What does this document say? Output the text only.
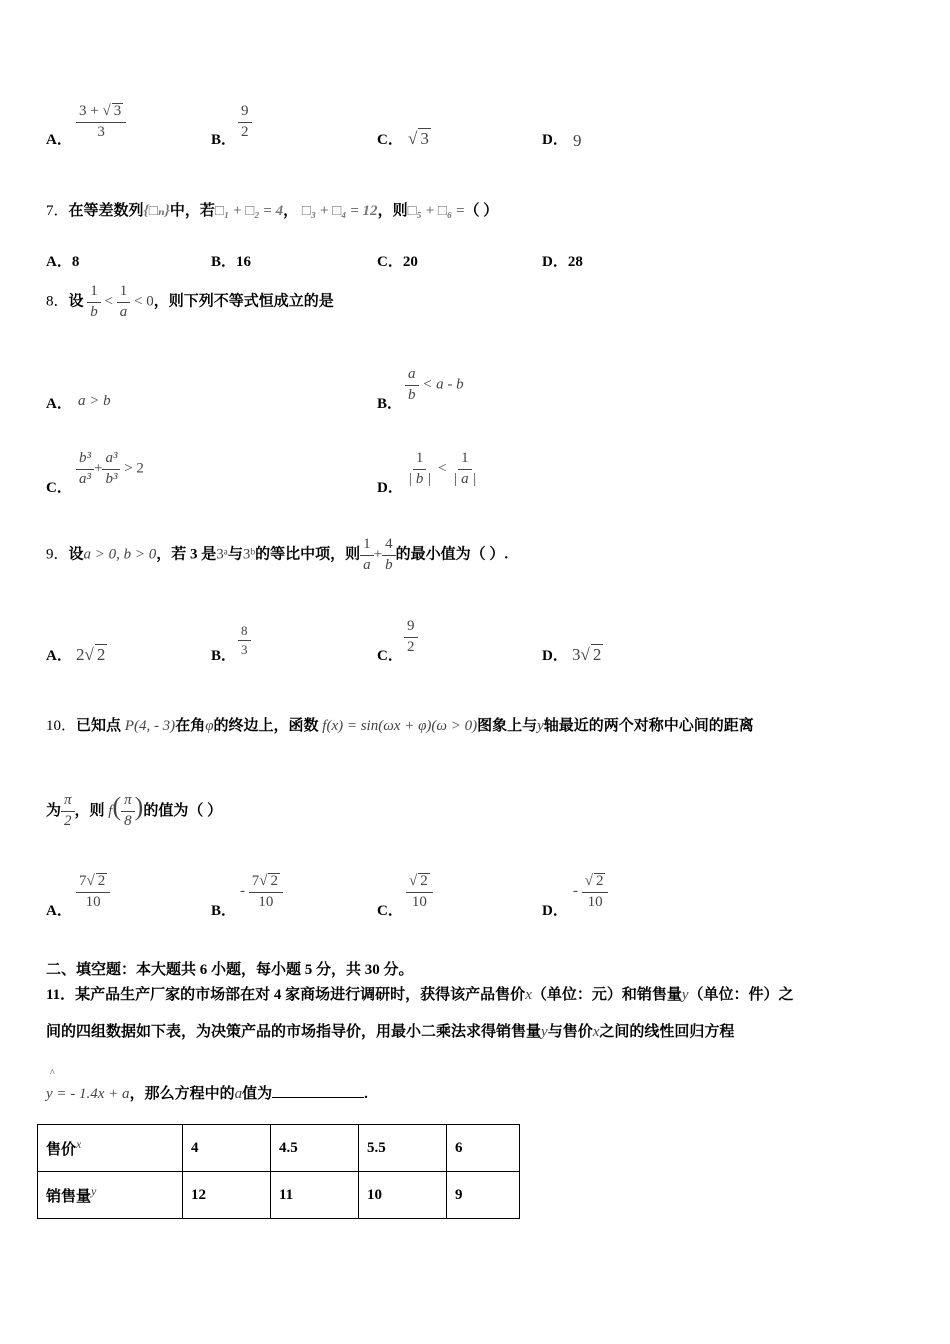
A． $\frac{3 + √ 3}{3}$	B． $\frac{9}{2}$	C． √ 3	D． 9
7．在等差数列{□ₙ}中，若□₁ + □₂ = 4， □₃ + □₄ = 12，则□₅ + □₆ =（ ）
A．8	B．16	C．20	D．28
8．设 $\frac{1}{b} < \frac{1}{a} < 0$，则下列不等式恒成立的是
A． a > b	B．
$\frac{a}{b} < a - b$
C．
$\frac{\text{b³}}{\text{a³}} + \frac{\text{a³}}{\text{b³}} > 2$
D．
$\frac{1}{| b |} < \frac{1}{| a |}$
9．设a > 0, b > 0，若 3 是3ᵃ与3ᵇ的等比中项，则 $\frac{1}{a} + \frac{4}{b}$ 的最小值为（ ）.
A． 2√ 2	B． $\frac{8}{3}$	C．
$\frac{9}{2}$
D． 3√ 2
10．已知点 P(4, - 3)在角φ的终边上，函数 f(x) = sin(ωx + φ)(ω > 0)图象上与y轴最近的两个对称中心间的距离
为 $\frac{\pi}{2}$ ，则 $f( \frac{\pi}{8}$ )的值为（ ）
A．
$\frac{7√ 2}{10}$
B．
- $\frac{7√ 2}{10}$
C．
$\frac{√ 2}{10}$
D．
- $\frac{√ 2}{10}$
二、填空题：本大题共 6 小题，每小题 5 分，共 30 分。
11．某产品生产厂家的市场部在对 4 家商场进行调研时，获得该产品售价x（单位：元）和销售量y（单位：件）之
间的四组数据如下表，为决策产品的市场指导价，用最小二乘法求得销售量y与售价x之间的线性回归方程
^
y = - 1.4x + a，那么方程中的a值为	.
售价$^x$	4	4.5	5.5	6
销售量$^y$	12	11	10	9
